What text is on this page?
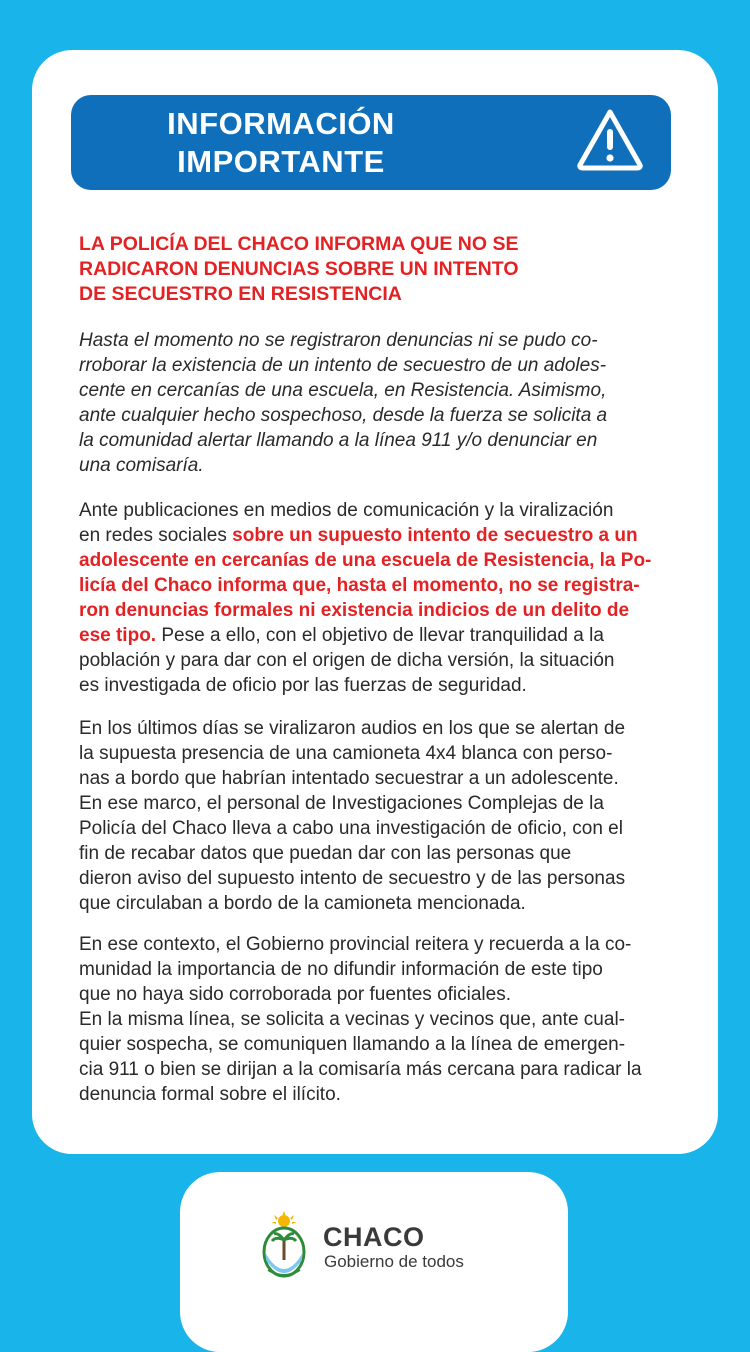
INFORMACIÓN
IMPORTANTE

LA POLICÍA DEL CHACO INFORMA QUE NO SE
RADICARON DENUNCIAS SOBRE UN INTENTO
DE SECUESTRO EN RESISTENCIA

Hasta el momento no se registraron denuncias ni se pudo co-
rroborar la existencia de un intento de secuestro de un adoles-
cente en cercanías de una escuela, en Resistencia. Asimismo,
ante cualquier hecho sospechoso, desde la fuerza se solicita a
la comunidad alertar llamando a la línea 911 y/o denunciar en
una comisaría.

Ante publicaciones en medios de comunicación y la viralización
en redes sociales sobre un supuesto intento de secuestro a un
adolescente en cercanías de una escuela de Resistencia, la Po-
licía del Chaco informa que, hasta el momento, no se registra-
ron denuncias formales ni existencia indicios de un delito de
ese tipo. Pese a ello, con el objetivo de llevar tranquilidad a la
población y para dar con el origen de dicha versión, la situación
es investigada de oficio por las fuerzas de seguridad.

En los últimos días se viralizaron audios en los que se alertan de
la supuesta presencia de una camioneta 4x4 blanca con perso-
nas a bordo que habrían intentado secuestrar a un adolescente.
En ese marco, el personal de Investigaciones Complejas de la
Policía del Chaco lleva a cabo una investigación de oficio, con el
fin de recabar datos que puedan dar con las personas que
dieron aviso del supuesto intento de secuestro y de las personas
que circulaban a bordo de la camioneta mencionada.

En ese contexto, el Gobierno provincial reitera y recuerda a la co-
munidad la importancia de no difundir información de este tipo
que no haya sido corroborada por fuentes oficiales.
En la misma línea, se solicita a vecinas y vecinos que, ante cual-
quier sospecha, se comuniquen llamando a la línea de emergen-
cia 911 o bien se dirijan a la comisaría más cercana para radicar la
denuncia formal sobre el ilícito.

CHACO
Gobierno de todos
